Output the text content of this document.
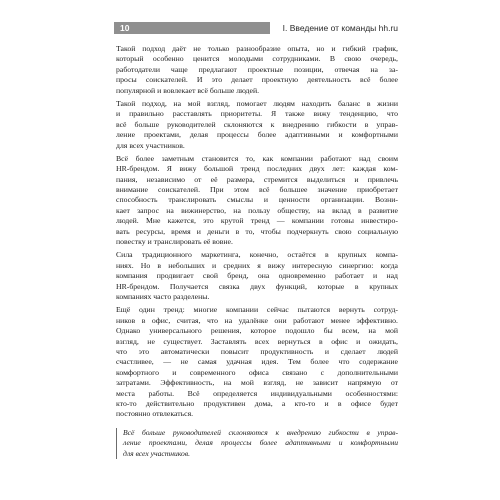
10	I. Введение от команды hh.ru
Такой подход даёт не только разнообразие опыта, но и гибкий график,
который особенно ценится молодыми сотрудниками. В свою очередь,
работодатели чаще предлагают проектные позиции, отвечая на за-
просы соискателей. И это делает проектную деятельность всё более
популярной и вовлекает всё больше людей.
Такой подход, на мой взгляд, помогает людям находить баланс в жизни
и правильно расставлять приоритеты. Я также вижу тенденцию, что
всё больше руководителей склоняются к внедрению гибкости в управ-
ление проектами, делая процессы более адаптивными и комфортными
для всех участников.
Всё более заметным становится то, как компании работают над своим
HR-брендом. Я вижу большой тренд последних двух лет: каждая ком-
пания, независимо от её размера, стремится выделиться и привлечь
внимание соискателей. При этом всё большее значение приобретает
способность транслировать смыслы и ценности организации. Возни-
кает запрос на вижинерство, на пользу обществу, на вклад в развитие
людей. Мне кажется, это крутой тренд — компании готовы инвестиро-
вать ресурсы, время и деньги в то, чтобы подчеркнуть свою социальную
повестку и транслировать её вовне.
Сила традиционного маркетинга, конечно, остаётся в крупных компа-
ниях. Но в небольших и средних я вижу интересную синергию: когда
компания продвигает свой бренд, она одновременно работает и над
HR-брендом. Получается связка двух функций, которые в крупных
компаниях часто разделены.
Ещё один тренд: многие компании сейчас пытаются вернуть сотруд-
ников в офис, считая, что на удалёнке они работают менее эффективно.
Однако универсального решения, которое подошло бы всем, на мой
взгляд, не существует. Заставлять всех вернуться в офис и ожидать,
что это автоматически повысит продуктивность и сделает людей
счастливее, — не самая удачная идея. Тем более что содержание
комфортного и современного офиса связано с дополнительными
затратами. Эффективность, на мой взгляд, не зависит напрямую от
места работы. Всё определяется индивидуальными особенностями:
кто-то действительно продуктивен дома, а кто-то и в офисе будет
постоянно отвлекаться.
Всё больше руководителей склоняются к внедрению гибкости в управ-
ление проектами, делая процессы более адаптивными и комфортными
для всех участников.
